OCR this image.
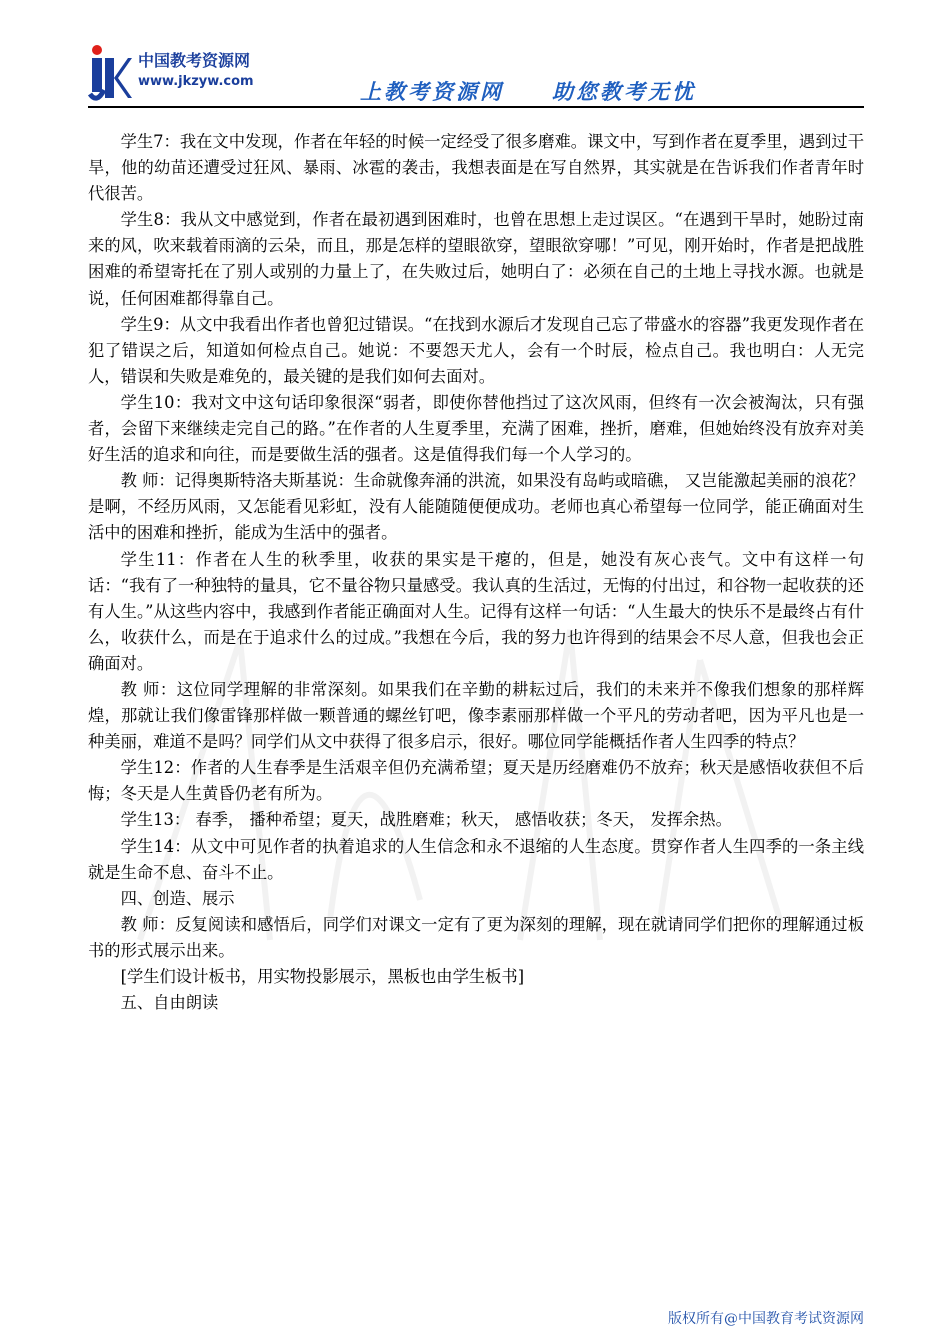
中国教考资源网
www.jkzyw.com	上教考资源网 助您教考无忧

学生7：我在文中发现，作者在年轻的时候一定经受了很多磨难。课文中，写到作者在夏季里，遇到过干旱，他的幼苗还遭受过狂风、暴雨、冰雹的袭击，我想表面是在写自然界，其实就是在告诉我们作者青年时代很苦。

学生8：我从文中感觉到，作者在最初遇到困难时，也曾在思想上走过误区。“在遇到干旱时，她盼过南来的风，吹来载着雨滴的云朵，而且，那是怎样的望眼欲穿，望眼欲穿哪！”可见，刚开始时，作者是把战胜困难的希望寄托在了别人或别的力量上了，在失败过后，她明白了：必须在自己的土地上寻找水源。也就是说，任何困难都得靠自己。

学生9：从文中我看出作者也曾犯过错误。“在找到水源后才发现自己忘了带盛水的容器”我更发现作者在犯了错误之后，知道如何检点自己。她说：不要怨天尤人，会有一个时辰，检点自己。我也明白：人无完人，错误和失败是难免的，最关键的是我们如何去面对。

学生10：我对文中这句话印象很深“弱者，即使你替他挡过了这次风雨，但终有一次会被淘汰，只有强者，会留下来继续走完自己的路。”在作者的人生夏季里，充满了困难，挫折，磨难，但她始终没有放弃对美好生活的追求和向往，而是要做生活的强者。这是值得我们每一个人学习的。

教 师：记得奥斯特洛夫斯基说：生命就像奔涌的洪流，如果没有岛屿或暗礁， 又岂能激起美丽的浪花？是啊，不经历风雨，又怎能看见彩虹，没有人能随随便便成功。老师也真心希望每一位同学，能正确面对生活中的困难和挫折，能成为生活中的强者。

学生11：作者在人生的秋季里，收获的果实是干瘪的，但是，她没有灰心丧气。文中有这样一句话：“我有了一种独特的量具，它不量谷物只量感受。我认真的生活过，无悔的付出过，和谷物一起收获的还有人生。”从这些内容中，我感到作者能正确面对人生。记得有这样一句话：“人生最大的快乐不是最终占有什么，收获什么，而是在于追求什么的过成。”我想在今后，我的努力也许得到的结果会不尽人意，但我也会正确面对。

教 师：这位同学理解的非常深刻。如果我们在辛勤的耕耘过后，我们的未来并不像我们想象的那样辉煌，那就让我们像雷锋那样做一颗普通的螺丝钉吧，像李素丽那样做一个平凡的劳动者吧，因为平凡也是一种美丽，难道不是吗？同学们从文中获得了很多启示，很好。哪位同学能概括作者人生四季的特点？

学生12：作者的人生春季是生活艰辛但仍充满希望；夏天是历经磨难仍不放弃；秋天是感悟收获但不后悔；冬天是人生黄昏仍老有所为。

学生13： 春季， 播种希望；夏天，战胜磨难；秋天， 感悟收获；冬天， 发挥余热。

学生14：从文中可见作者的执着追求的人生信念和永不退缩的人生态度。贯穿作者人生四季的一条主线就是生命不息、奋斗不止。

四、创造、展示

教 师：反复阅读和感悟后，同学们对课文一定有了更为深刻的理解，现在就请同学们把你的理解通过板书的形式展示出来。

[学生们设计板书，用实物投影展示，黑板也由学生板书]

五、自由朗读

版权所有@中国教育考试资源网
